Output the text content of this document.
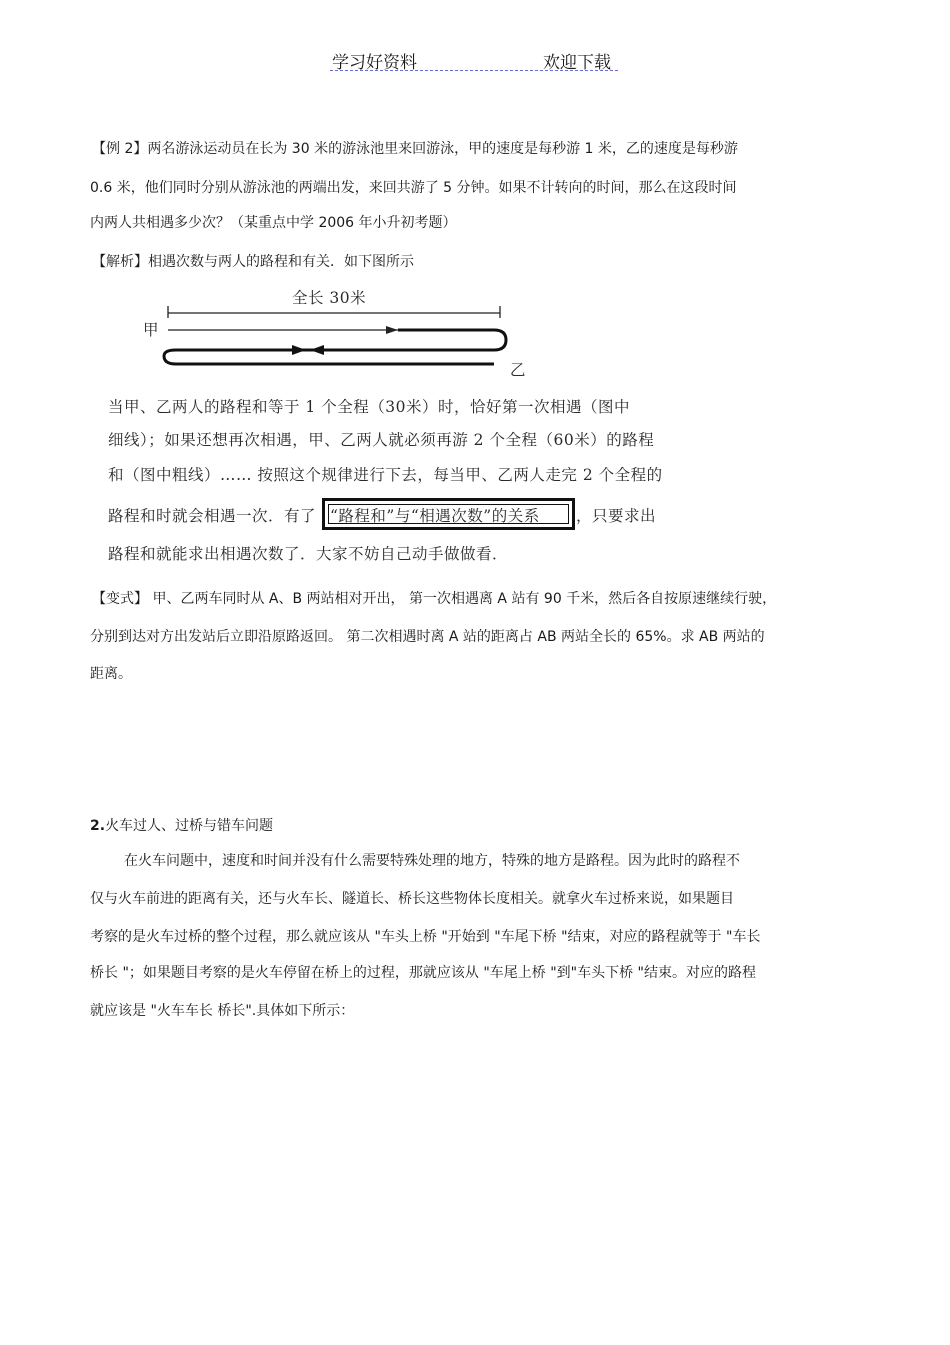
学习好资料	欢迎下载
【例 2】两名游泳运动员在长为 30 米的游泳池里来回游泳，甲的速度是每秒游 1 米，乙的速度是每秒游
0.6 米，他们同时分别从游泳池的两端出发，来回共游了 5 分钟。如果不计转向的时间，那么在这段时间
内两人共相遇多少次？（某重点中学 2006 年小升初考题）
【解析】相遇次数与两人的路程和有关．如下图所示
全长 30米
甲
乙
当甲、乙两人的路程和等于 1 个全程（30米）时，恰好第一次相遇（图中
细线）；如果还想再次相遇，甲、乙两人就必须再游 2 个全程（60米）的路程
和（图中粗线）…… 按照这个规律进行下去，每当甲、乙两人走完 2 个全程的
路程和时就会相遇一次．有了 “路程和”与“相遇次数”的关系 ，只要求出
路程和就能求出相遇次数了．大家不妨自己动手做做看．
【变式】 甲、乙两车同时从 A、B 两站相对开出， 第一次相遇离 A 站有 90 千米，然后各自按原速继续行驶，
分别到达对方出发站后立即沿原路返回。 第二次相遇时离 A 站的距离占 AB 两站全长的 65%。求 AB 两站的
距离。
2.火车过人、过桥与错车问题
在火车问题中，速度和时间并没有什么需要特殊处理的地方，特殊的地方是路程。因为此时的路程不
仅与火车前进的距离有关，还与火车长、隧道长、桥长这些物体长度相关。就拿火车过桥来说，如果题目
考察的是火车过桥的整个过程，那么就应该从 "车头上桥 "开始到 "车尾下桥 "结束，对应的路程就等于 "车长
桥长 "；如果题目考察的是火车停留在桥上的过程，那就应该从 "车尾上桥 "到"车头下桥 "结束。对应的路程
就应该是 "火车车长 桥长".具体如下所示：
